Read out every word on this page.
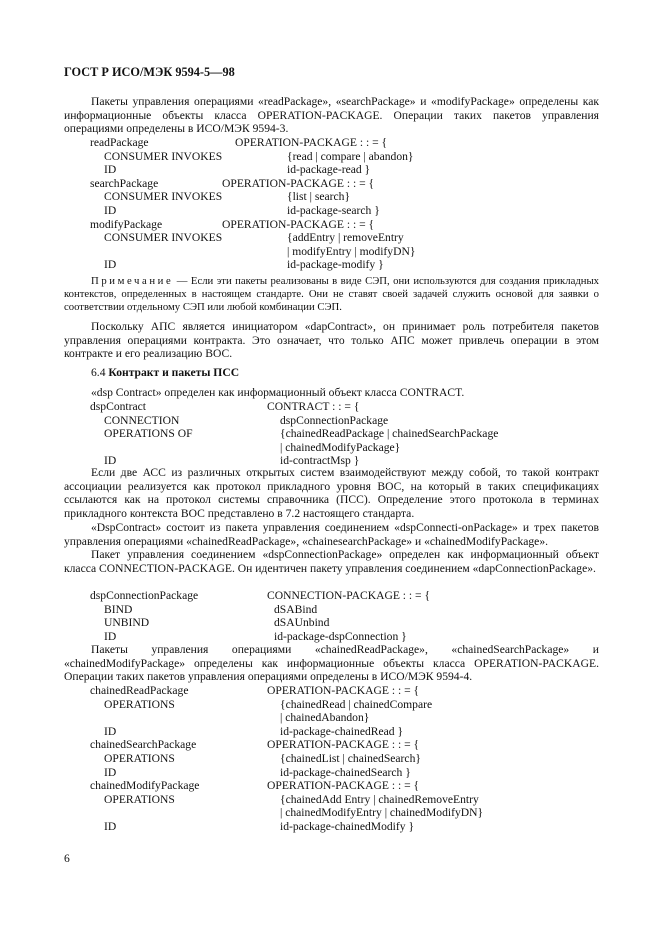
ГОСТ Р ИСО/МЭК 9594-5—98

Пакеты управления операциями «readPackage», «searchPackage» и «modifyPackage» определены как информационные объекты класса OPERATION-PACKAGE. Операции таких пакетов управления операциями определены в ИСО/МЭК 9594-3.

readPackage	OPERATION-PACKAGE : : = {
CONSUMER INVOKES	{read | compare | abandon}
ID	id-package-read }
searchPackage	OPERATION-PACKAGE : : = {
CONSUMER INVOKES	{list | search}
ID	id-package-search }
modifyPackage	OPERATION-PACKAGE : : = {
CONSUMER INVOKES	{addEntry | removeEntry
| modifyEntry | modifyDN}
ID	id-package-modify }

Примечание — Если эти пакеты реализованы в виде СЭП, они используются для создания прикладных контекстов, определенных в настоящем стандарте. Они не ставят своей задачей служить основой для заявки о соответствии отдельному СЭП или любой комбинации СЭП.

Поскольку АПС является инициатором «dapContract», он принимает роль потребителя пакетов управления операциями контракта. Это означает, что только АПС может привлечь операции в этом контракте и его реализацию ВОС.

6.4 Контракт и пакеты ПСС

«dsp Contract» определен как информационный объект класса CONTRACT.

dspContract	CONTRACT : : = {
CONNECTION	dspConnectionPackage
OPERATIONS OF	{chainedReadPackage | chainedSearchPackage
| chainedModifyPackage}
ID	id-contractMsp }

Если две АСС из различных открытых систем взаимодействуют между собой, то такой контракт ассоциации реализуется как протокол прикладного уровня ВОС, на который в таких спецификациях ссылаются как на протокол системы справочника (ПСС). Определение этого протокола в терминах прикладного контекста ВОС представлено в 7.2 настоящего стандарта.

«DspContract» состоит из пакета управления соединением «dspConnecti-onPackage» и трех пакетов управления операциями «chainedReadPackage», «chainesearchPackage» и «chainedModifyPackage».

Пакет управления соединением «dspConnectionPackage» определен как информационный объект класса CONNECTION-PACKAGE. Он идентичен пакету управления соединением «dapConnectionPackage».

dspConnectionPackage	CONNECTION-PACKAGE : : = {
BIND	dSABind
UNBIND	dSAUnbind
ID	id-package-dspConnection }

Пакеты управления операциями «chainedReadPackage», «chainedSearchPackage» и «chainedModifyPackage» определены как информационные объекты класса OPERATION-PACKAGE. Операции таких пакетов управления операциями определены в ИСО/МЭК 9594-4.

chainedReadPackage	OPERATION-PACKAGE : : = {
OPERATIONS	{chainedRead | chainedCompare
| chainedAbandon}
ID	id-package-chainedRead }
chainedSearchPackage	OPERATION-PACKAGE : : = {
OPERATIONS	{chainedList | chainedSearch}
ID	id-package-chainedSearch }
chainedModifyPackage	OPERATION-PACKAGE : : = {
OPERATIONS	{chainedAdd Entry | chainedRemoveEntry
| chainedModifyEntry | chainedModifyDN}
ID	id-package-chainedModify }
6
